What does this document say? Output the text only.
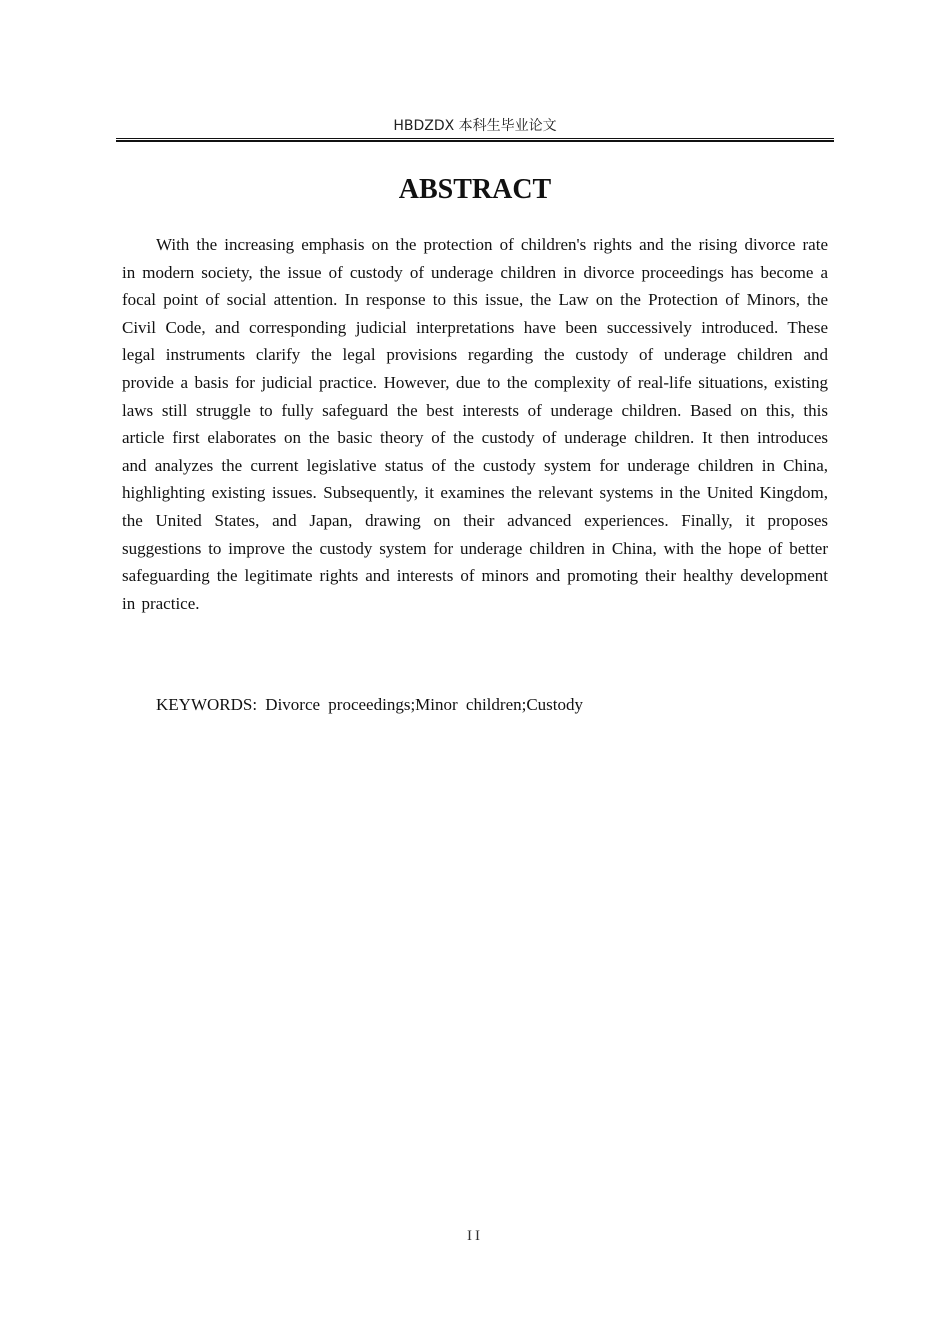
HBDZDX 本科生毕业论文
ABSTRACT

With the increasing emphasis on the protection of children's rights and the rising divorce rate in modern society, the issue of custody of underage children in divorce proceedings has become a focal point of social attention. In response to this issue, the Law on the Protection of Minors, the Civil Code, and corresponding judicial interpretations have been successively introduced. These legal instruments clarify the legal provisions regarding the custody of underage children and provide a basis for judicial practice. However, due to the complexity of real-life situations, existing laws still struggle to fully safeguard the best interests of underage children. Based on this, this article first elaborates on the basic theory of the custody of underage children. It then introduces and analyzes the current legislative status of the custody system for underage children in China, highlighting existing issues. Subsequently, it examines the relevant systems in the United Kingdom, the United States, and Japan, drawing on their advanced experiences. Finally, it proposes suggestions to improve the custody system for underage children in China, with the hope of better safeguarding the legitimate rights and interests of minors and promoting their healthy development in practice.

KEYWORDS: Divorce proceedings;Minor children;Custody

II
